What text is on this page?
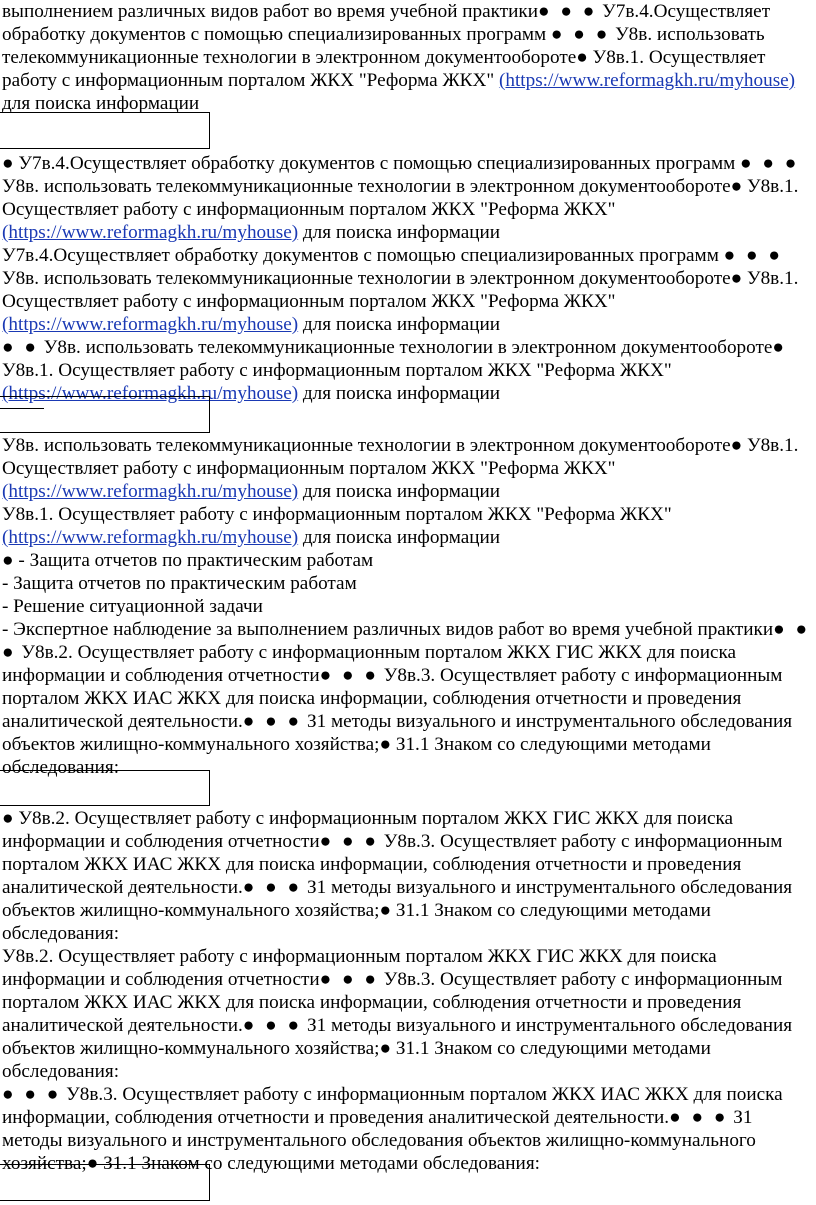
выполнением различных видов работ во время учебной практики● ● ● У7в.4.Осуществляет обработку документов с помощью специализированных программ ● ● ● У8в. использовать телекоммуникационные технологии в электронном документообороте● У8в.1. Осуществляет работу с информационным порталом ЖКХ "Реформа ЖКХ" (https://www.reformagkh.ru/myhouse) для поиска информации

● У7в.4.Осуществляет обработку документов с помощью специализированных программ ● ● ● У8в. использовать телекоммуникационные технологии в электронном документообороте● У8в.1. Осуществляет работу с информационным порталом ЖКХ "Реформа ЖКХ" (https://www.reformagkh.ru/myhouse) для поиска информации

У7в.4.Осуществляет обработку документов с помощью специализированных программ ● ● ● У8в. использовать телекоммуникационные технологии в электронном документообороте● У8в.1. Осуществляет работу с информационным порталом ЖКХ "Реформа ЖКХ" (https://www.reformagkh.ru/myhouse) для поиска информации

● ● У8в. использовать телекоммуникационные технологии в электронном документообороте● У8в.1. Осуществляет работу с информационным порталом ЖКХ "Реформа ЖКХ" (https://www.reformagkh.ru/myhouse) для поиска информации

У8в. использовать телекоммуникационные технологии в электронном документообороте● У8в.1. Осуществляет работу с информационным порталом ЖКХ "Реформа ЖКХ" (https://www.reformagkh.ru/myhouse) для поиска информации

У8в.1. Осуществляет работу с информационным порталом ЖКХ "Реформа ЖКХ" (https://www.reformagkh.ru/myhouse) для поиска информации

● - Защита отчетов по практическим работам

- Защита отчетов по практическим работам

- Решение ситуационной задачи

- Экспертное наблюдение за выполнением различных видов работ во время учебной практики● ● ● У8в.2. Осуществляет работу с информационным порталом ЖКХ ГИС ЖКХ для поиска информации и соблюдения отчетности● ● ● У8в.3. Осуществляет работу с информационным порталом ЖКХ ИАС ЖКХ для поиска информации, соблюдения отчетности и проведения аналитической деятельности.● ● ● З1 методы визуального и инструментального обследования объектов жилищно-коммунального хозяйства;● З1.1 Знаком со следующими методами обследования:

● У8в.2. Осуществляет работу с информационным порталом ЖКХ ГИС ЖКХ для поиска информации и соблюдения отчетности● ● ● У8в.3. Осуществляет работу с информационным порталом ЖКХ ИАС ЖКХ для поиска информации, соблюдения отчетности и проведения аналитической деятельности.● ● ● З1 методы визуального и инструментального обследования объектов жилищно-коммунального хозяйства;● З1.1 Знаком со следующими методами обследования:

У8в.2. Осуществляет работу с информационным порталом ЖКХ ГИС ЖКХ для поиска информации и соблюдения отчетности● ● ● У8в.3. Осуществляет работу с информационным порталом ЖКХ ИАС ЖКХ для поиска информации, соблюдения отчетности и проведения аналитической деятельности.● ● ● З1 методы визуального и инструментального обследования объектов жилищно-коммунального хозяйства;● З1.1 Знаком со следующими методами обследования:

● ● ● У8в.3. Осуществляет работу с информационным порталом ЖКХ ИАС ЖКХ для поиска информации, соблюдения отчетности и проведения аналитической деятельности.● ● ● З1 методы визуального и инструментального обследования объектов жилищно-коммунального хозяйства;● З1.1 Знаком со следующими методами обследования:
